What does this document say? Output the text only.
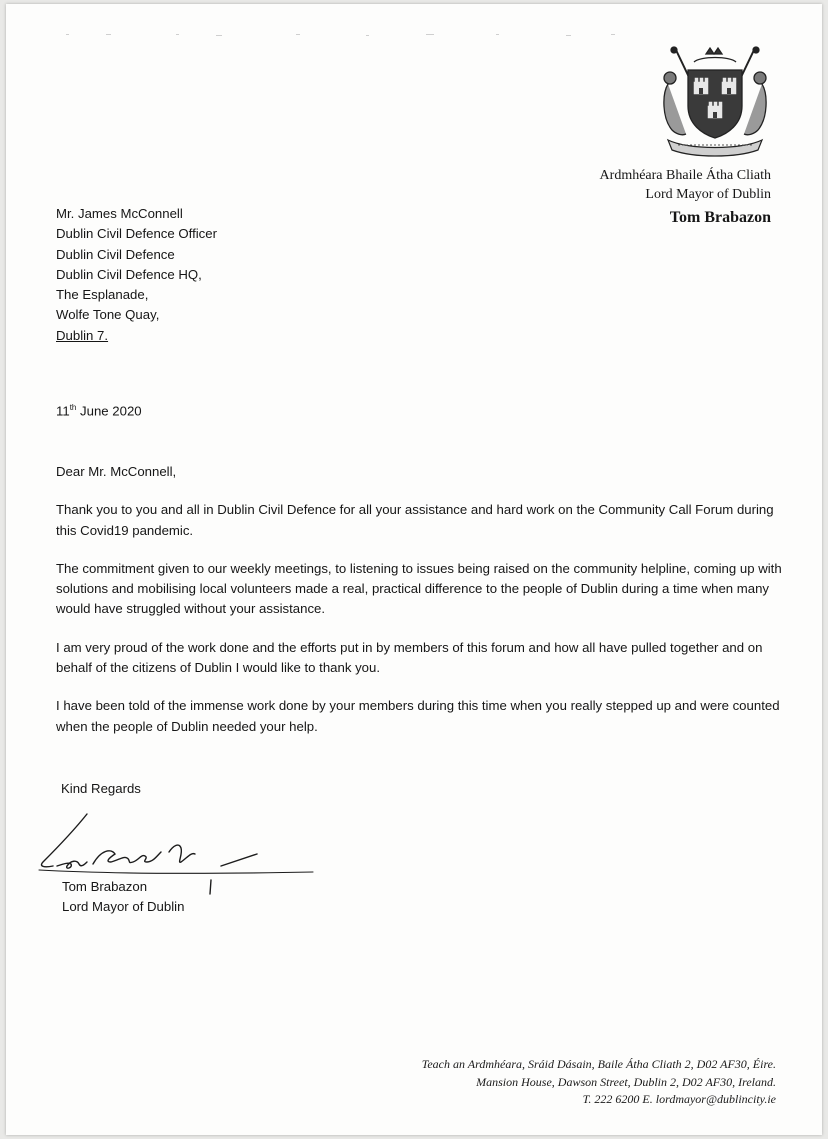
Ardmhéara Bhaile Átha Cliath
Lord Mayor of Dublin
Tom Brabazon
Mr. James McConnell
Dublin Civil Defence Officer
Dublin Civil Defence
Dublin Civil Defence HQ,
The Esplanade,
Wolfe Tone Quay,
Dublin 7.
11th June 2020

Dear Mr. McConnell,

Thank you to you and all in Dublin Civil Defence for all your assistance and hard work on the Community Call Forum during this Covid19 pandemic.

The commitment given to our weekly meetings, to listening to issues being raised on the community helpline, coming up with solutions and mobilising local volunteers made a real, practical difference to the people of Dublin during a time when many would have struggled without your assistance.

I am very proud of the work done and the efforts put in by members of this forum and how all have pulled together and on behalf of the citizens of Dublin I would like to thank you.

I have been told of the immense work done by your members during this time when you really stepped up and were counted when the people of Dublin needed your help.

Kind Regards
Tom Brabazon
Lord Mayor of Dublin
Teach an Ardmhéara, Sráid Dásain, Baile Átha Cliath 2, D02 AF30, Éire.
Mansion House, Dawson Street, Dublin 2, D02 AF30, Ireland.
T. 222 6200 E. lordmayor@dublincity.ie
